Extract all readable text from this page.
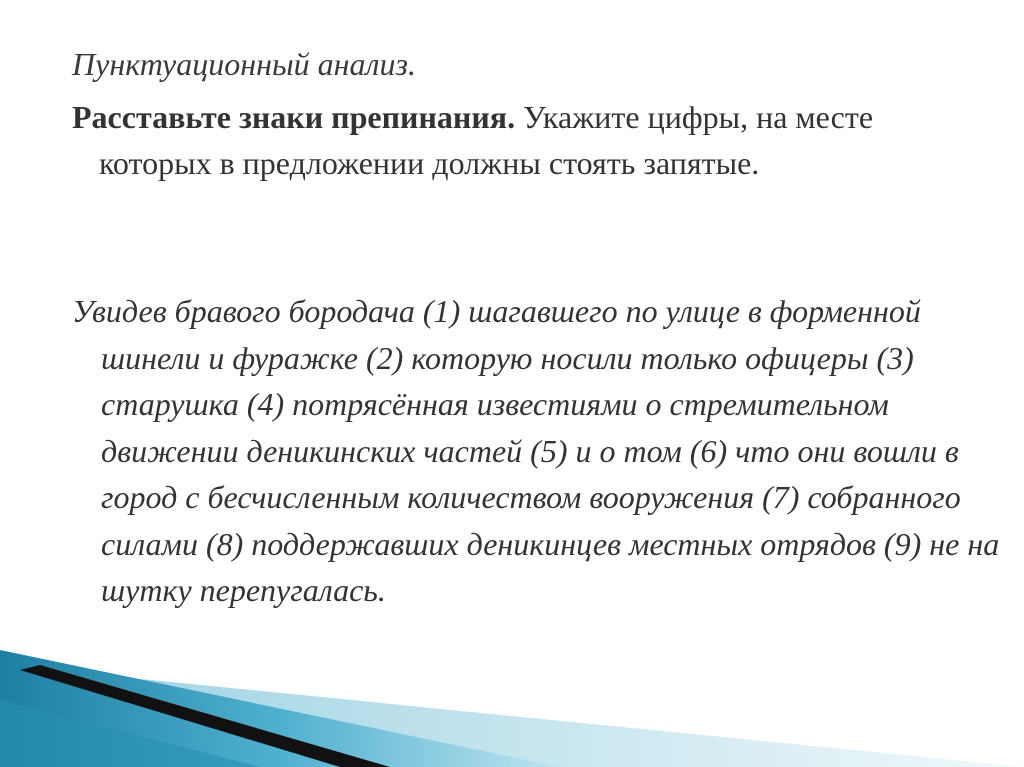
Пунктуационный анализ.

Расставьте знаки препинания. Укажите цифры, на месте которых в предложении должны стоять запятые.

Увидев бравого бородача (1) шагавшего по улице в форменной шинели и фуражке (2) которую носили только офицеры (3) старушка (4) потрясённая известиями о стремительном движении деникинских частей (5) и о том (6) что они вошли в город с бесчисленным количеством вооружения (7) собранного силами (8) поддержавших деникинцев местных отрядов (9) не на шутку перепугалась.
